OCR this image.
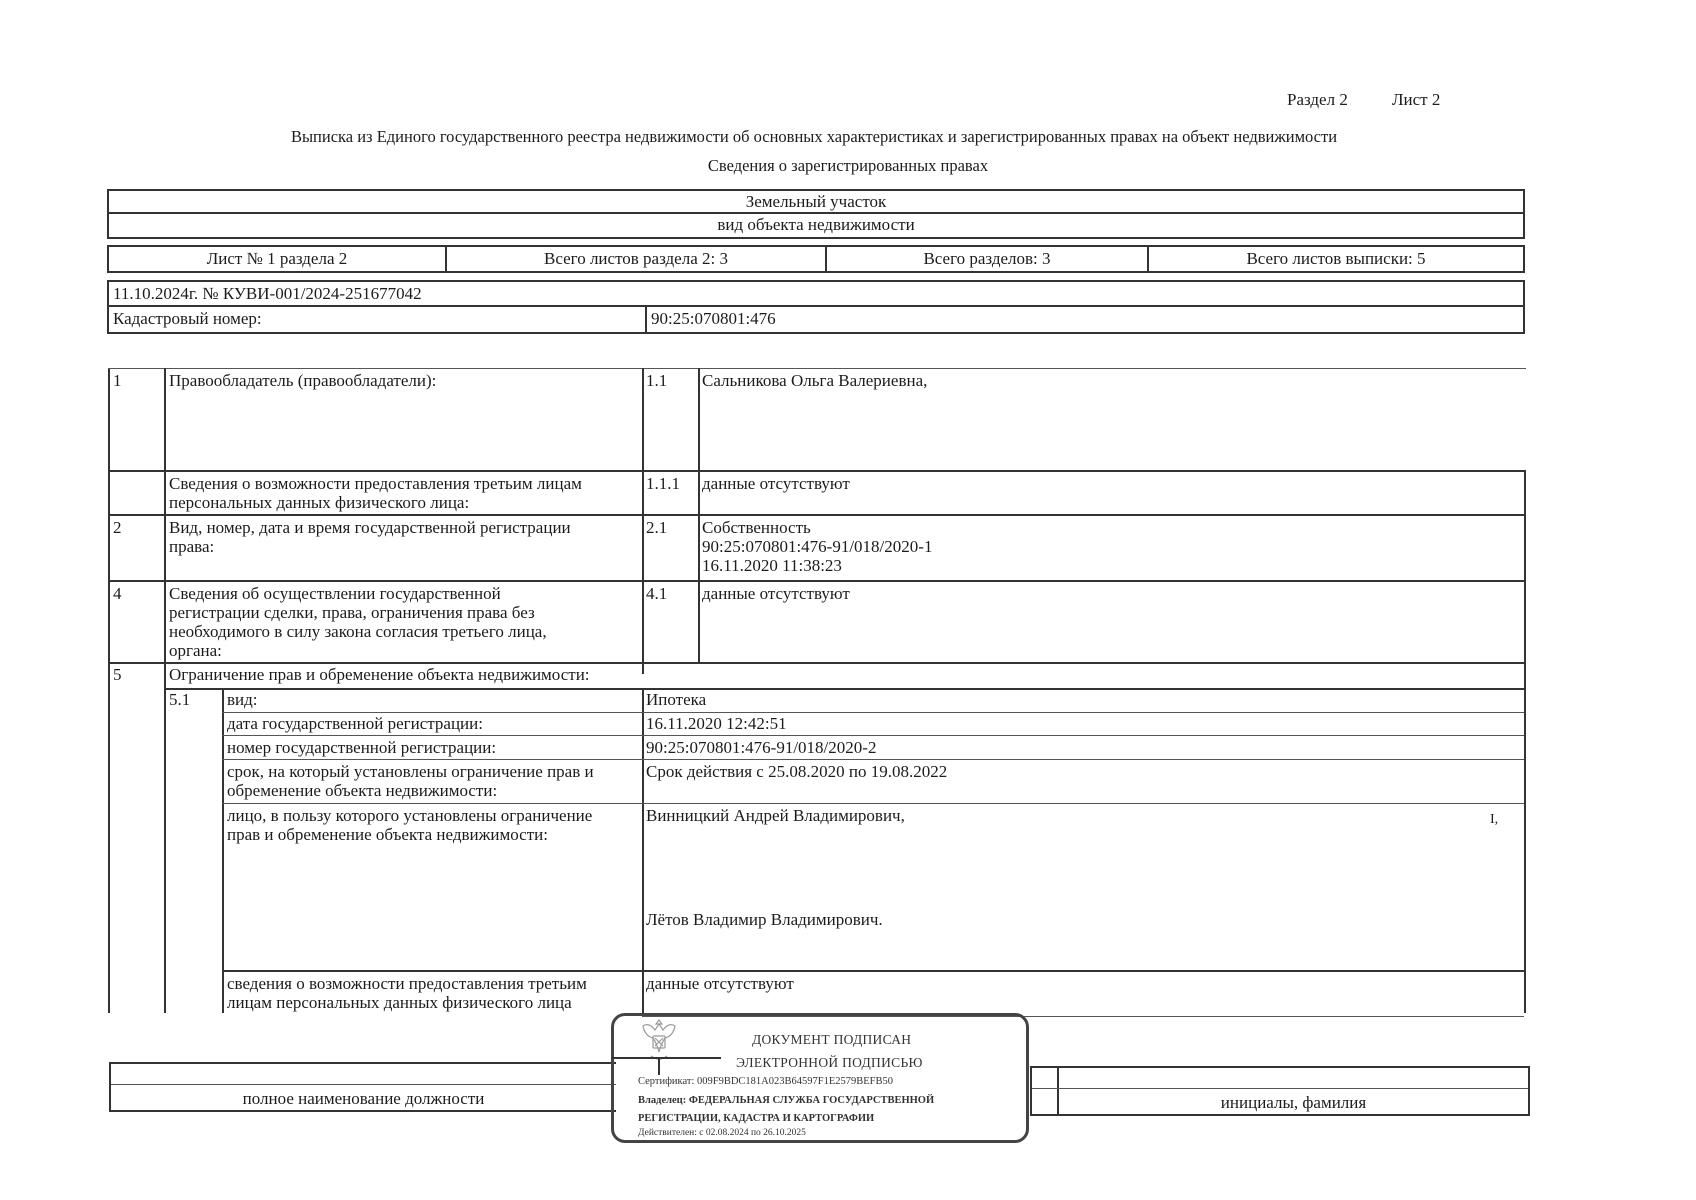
Раздел 2	Лист 2
Выписка из Единого государственного реестра недвижимости об основных характеристиках и зарегистрированных правах на объект недвижимости
Сведения о зарегистрированных правах
Земельный участок
вид объекта недвижимости
Лист № 1 раздела 2	Всего листов раздела 2: 3	Всего разделов: 3	Всего листов выписки: 5
11.10.2024г. № КУВИ-001/2024-251677042
Кадастровый номер:	90:25:070801:476
1	Правообладатель (правообладатели):	1.1 Сальникова Ольга Валериевна,
Сведения о возможности предоставления третьим лицам
персональных данных физического лица:
1.1.1 данные отсутствуют
2	Вид, номер, дата и время государственной регистрации
права:
2.1 Собственность
90:25:070801:476-91/018/2020-1
16.11.2020 11:38:23
4	Сведения об осуществлении государственной
регистрации сделки, права, ограничения права без
необходимого в силу закона согласия третьего лица,
органа:
4.1 данные отсутствуют
5	Ограничение прав и обременение объекта недвижимости:
5.1 вид:	Ипотека
дата государственной регистрации:	16.11.2020 12:42:51
номер государственной регистрации:	90:25:070801:476-91/018/2020-2
срок, на который установлены ограничение прав и
обременение объекта недвижимости:
Срок действия с 25.08.2020 по 19.08.2022
лицо, в пользу которого установлены ограничение
прав и обременение объекта недвижимости:
Винницкий Андрей Владимирович,	I,
Лётов Владимир Владимирович.
сведения о возможности предоставления третьим
лицам персональных данных физического лица
данные отсутствуют
полное наименование должности	инициалы, фамилия
ДОКУМЕНТ ПОДПИСАН
ЭЛЕКТРОННОЙ ПОДПИСЬЮ
Сертификат: 009F9BDC181A023B64597F1E2579BEFB50
Владелец: ФЕДЕРАЛЬНАЯ СЛУЖБА ГОСУДАРСТВЕННОЙ
РЕГИСТРАЦИИ, КАДАСТРА И КАРТОГРАФИИ
Действителен: с 02.08.2024 по 26.10.2025
